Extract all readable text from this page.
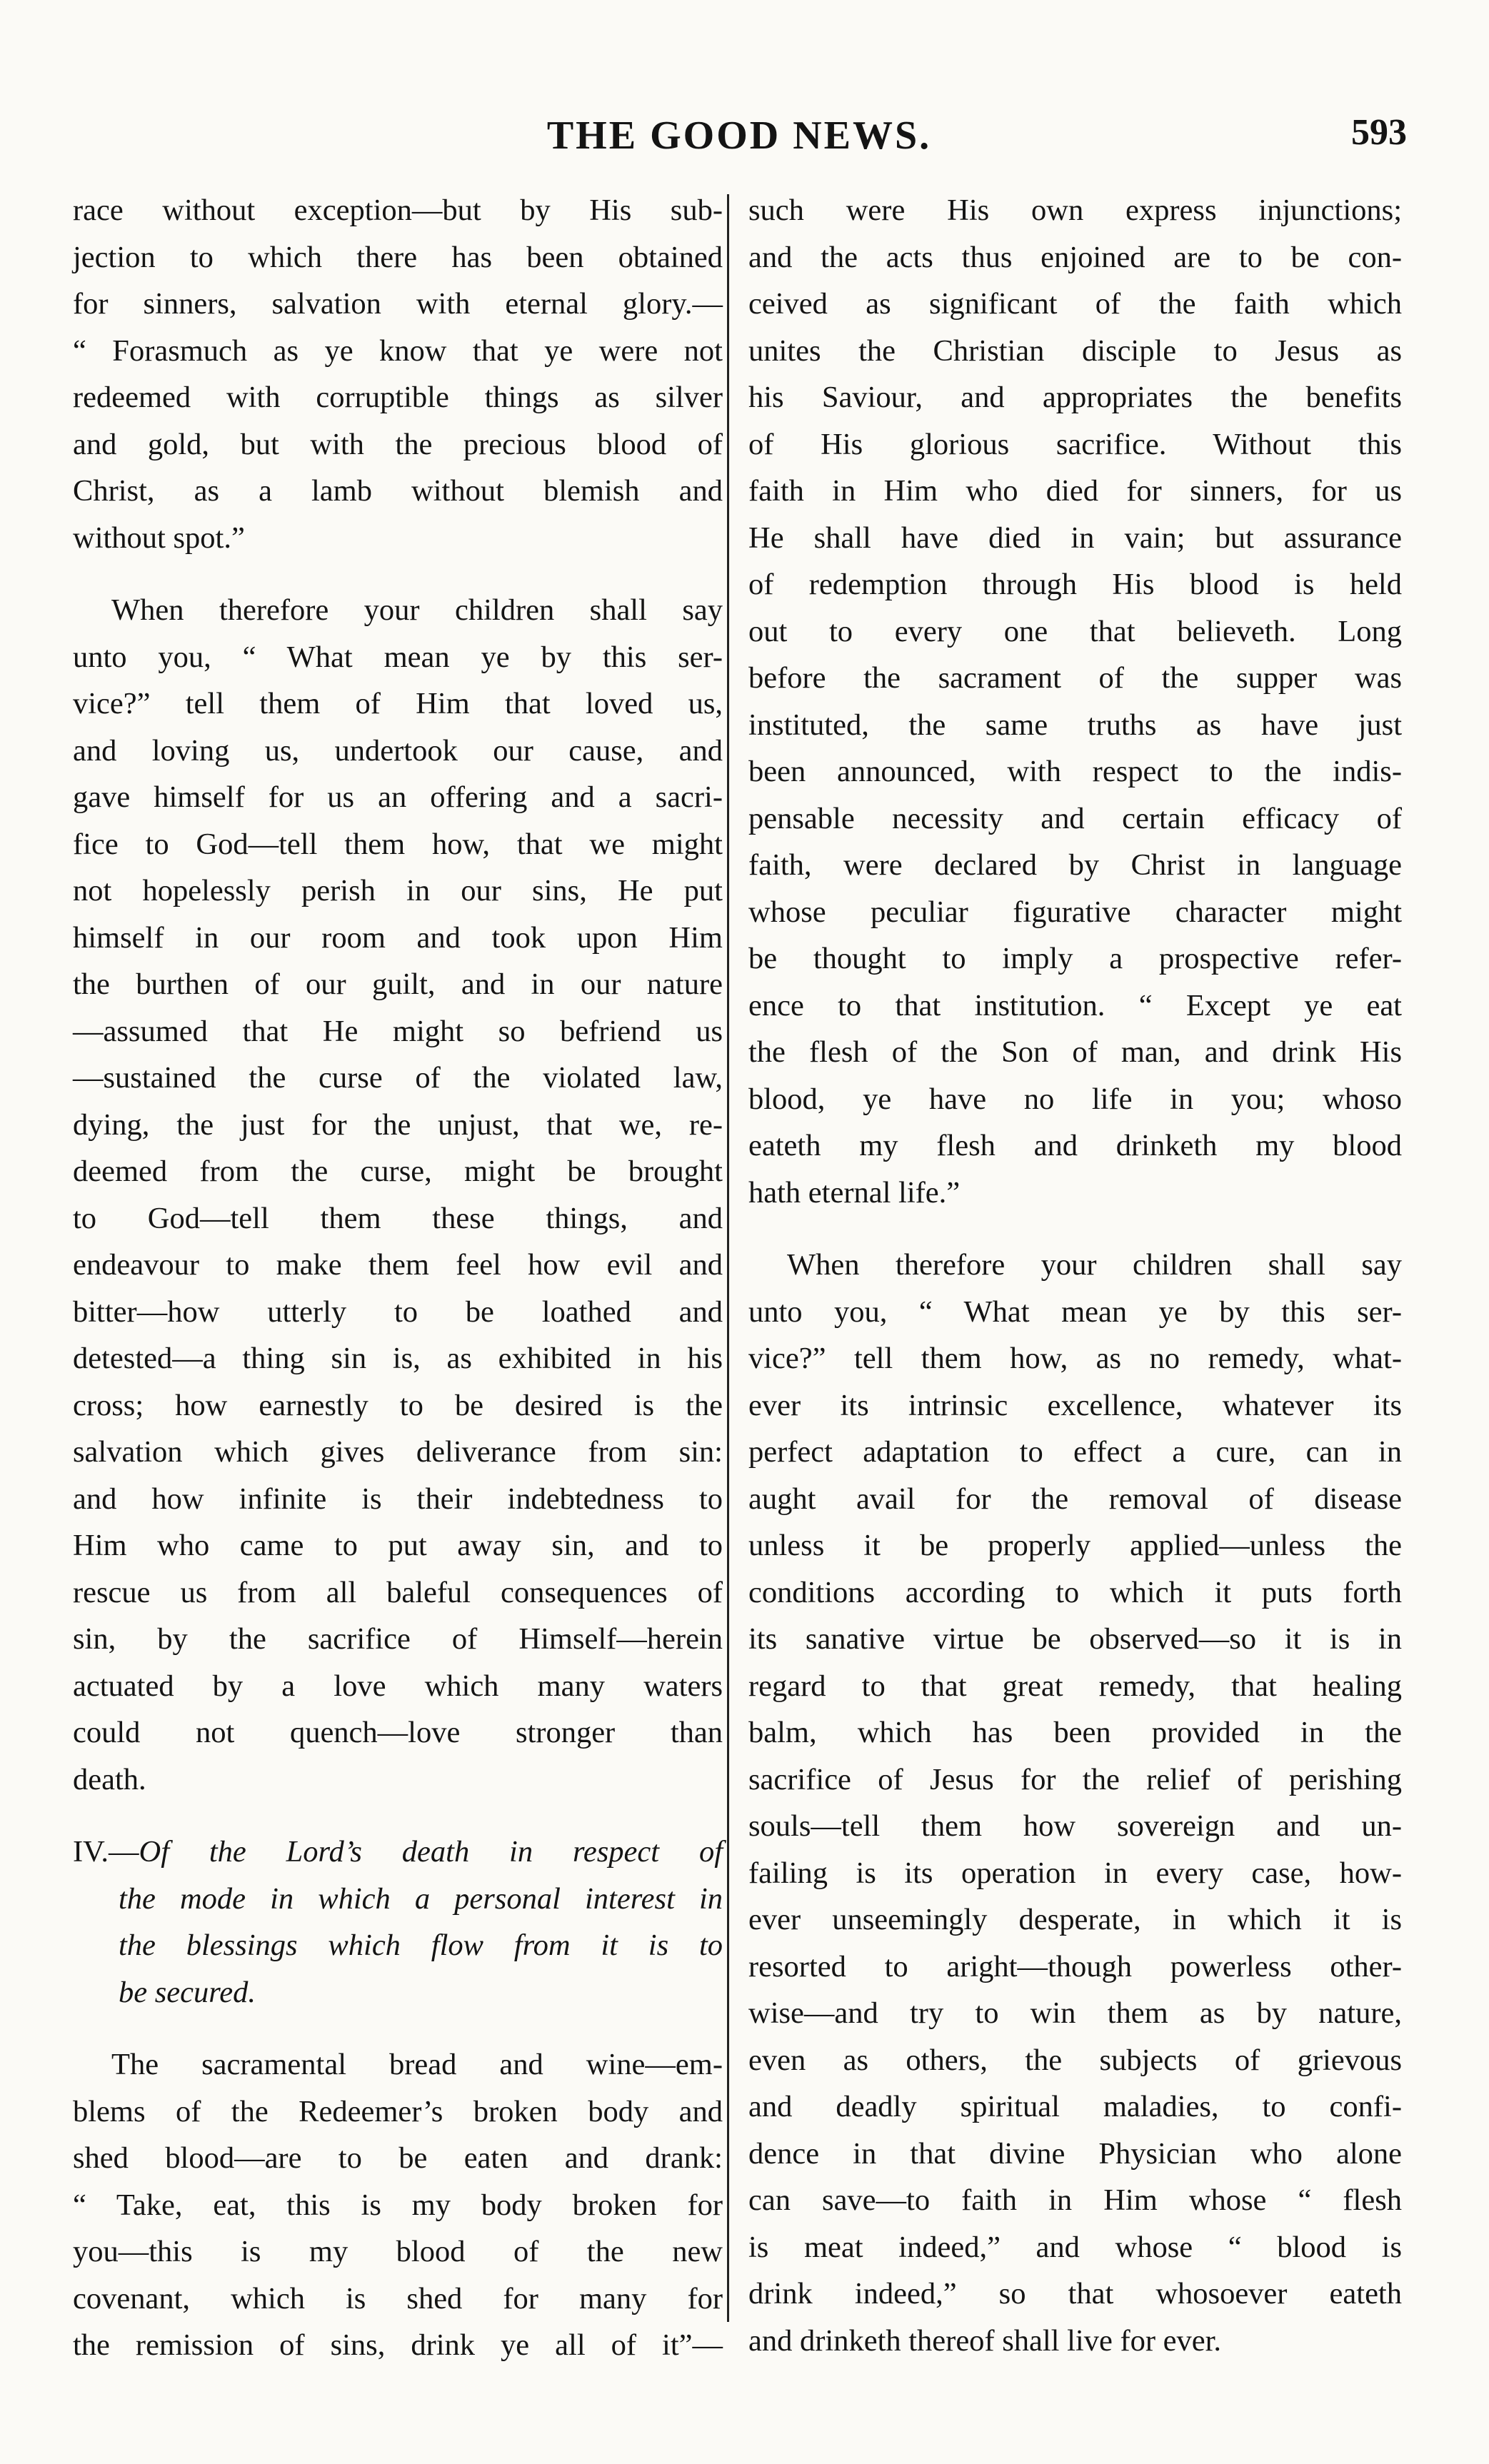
THE GOOD NEWS.	593
race without exception—but by His sub-
jection to which there has been obtained
for sinners, salvation with eternal glory.—
“ Forasmuch as ye know that ye were not
redeemed with corruptible things as silver
and gold, but with the precious blood of
Christ, as a lamb without blemish and
without spot.”
When therefore your children shall say
unto you, “ What mean ye by this ser-
vice?” tell them of Him that loved us,
and loving us, undertook our cause, and
gave himself for us an offering and a sacri-
fice to God—tell them how, that we might
not hopelessly perish in our sins, He put
himself in our room and took upon Him
the burthen of our guilt, and in our nature
—assumed that He might so befriend us
—sustained the curse of the violated law,
dying, the just for the unjust, that we, re-
deemed from the curse, might be brought
to God—tell them these things, and
endeavour to make them feel how evil and
bitter—how utterly to be loathed and
detested—a thing sin is, as exhibited in his
cross; how earnestly to be desired is the
salvation which gives deliverance from sin:
and how infinite is their indebtedness to
Him who came to put away sin, and to
rescue us from all baleful consequences of
sin, by the sacrifice of Himself—herein
actuated by a love which many waters
could not quench—love stronger than
death.
IV.—Of the Lord’s death in respect of
the mode in which a personal interest in
the blessings which flow from it is to
be secured.
The sacramental bread and wine—em-
blems of the Redeemer’s broken body and
shed blood—are to be eaten and drank:
“ Take, eat, this is my body broken for
you—this is my blood of the new
covenant, which is shed for many for
the remission of sins, drink ye all of it”—
such were His own express injunctions;
and the acts thus enjoined are to be con-
ceived as significant of the faith which
unites the Christian disciple to Jesus as
his Saviour, and appropriates the benefits
of His glorious sacrifice. Without this
faith in Him who died for sinners, for us
He shall have died in vain; but assurance
of redemption through His blood is held
out to every one that believeth. Long
before the sacrament of the supper was
instituted, the same truths as have just
been announced, with respect to the indis-
pensable necessity and certain efficacy of
faith, were declared by Christ in language
whose peculiar figurative character might
be thought to imply a prospective refer-
ence to that institution. “ Except ye eat
the flesh of the Son of man, and drink His
blood, ye have no life in you; whoso
eateth my flesh and drinketh my blood
hath eternal life.”
When therefore your children shall say
unto you, “ What mean ye by this ser-
vice?” tell them how, as no remedy, what-
ever its intrinsic excellence, whatever its
perfect adaptation to effect a cure, can in
aught avail for the removal of disease
unless it be properly applied—unless the
conditions according to which it puts forth
its sanative virtue be observed—so it is in
regard to that great remedy, that healing
balm, which has been provided in the
sacrifice of Jesus for the relief of perishing
souls—tell them how sovereign and un-
failing is its operation in every case, how-
ever unseemingly desperate, in which it is
resorted to aright—though powerless other-
wise—and try to win them as by nature,
even as others, the subjects of grievous
and deadly spiritual maladies, to confi-
dence in that divine Physician who alone
can save—to faith in Him whose “ flesh
is meat indeed,” and whose “ blood is
drink indeed,” so that whosoever eateth
and drinketh thereof shall live for ever.
